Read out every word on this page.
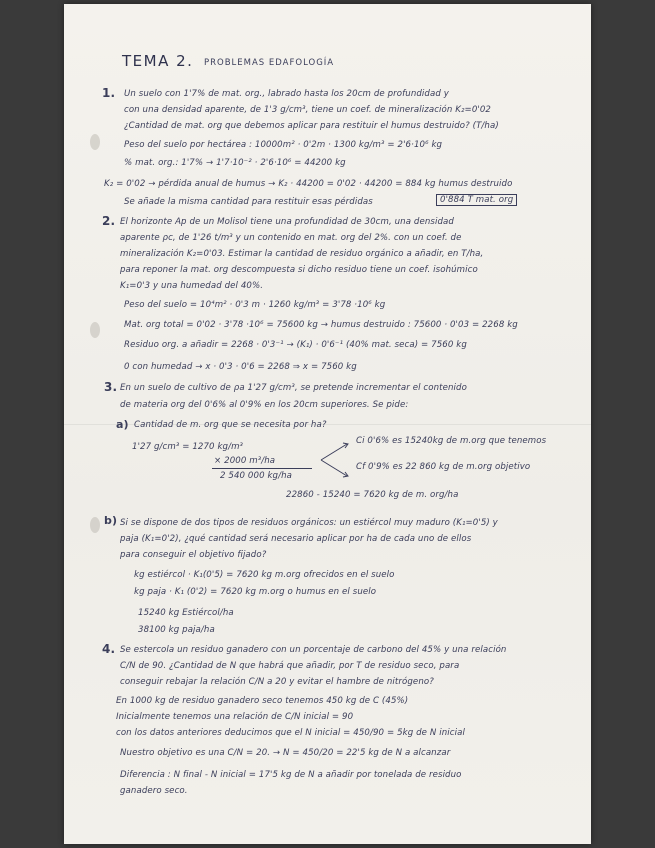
TEMA 2. PROBLEMAS EDAFOLOGÍA
1. Un suelo con 1'7% de mat. org., labrado hasta los 20cm de profundidad y
con una densidad aparente, de 1'3 g/cm³, tiene un coef. de mineralización K₂=0'02
¿Cantidad de mat. org que debemos aplicar para restituir el humus destruido? (T/ha)
Peso del suelo por hectárea : 10000m² · 0'2m · 1300 kg/m³ = 2'6·10⁶ kg
% mat. org.: 1'7% → 1'7·10⁻² · 2'6·10⁶ = 44200 kg
K₂ = 0'02 → pérdida anual de humus → K₂ · 44200 = 0'02 · 44200 = 884 kg humus destruido
Se añade la misma cantidad para restituir esas pérdidas	0'884 T mat. org
2. El horizonte Ap de un Molisol tiene una profundidad de 30cm, una densidad
aparente ρc, de 1'26 t/m³ y un contenido en mat. org del 2%. con un coef. de
mineralización K₂=0'03. Estimar la cantidad de residuo orgánico a añadir, en T/ha,
para reponer la mat. org descompuesta si dicho residuo tiene un coef. isohúmico
K₁=0'3 y una humedad del 40%.
Peso del suelo = 10⁴m² · 0'3 m · 1260 kg/m³ = 3'78 ·10⁶ kg
Mat. org total = 0'02 · 3'78 ·10⁶ = 75600 kg → humus destruido : 75600 · 0'03 = 2268 kg
Residuo org. a añadir = 2268 · 0'3⁻¹ → (K₁) · 0'6⁻¹ (40% mat. seca) = 7560 kg
0 con humedad → x · 0'3 · 0'6 = 2268 ⇒ x = 7560 kg
3. En un suelo de cultivo de ρa 1'27 g/cm³, se pretende incrementar el contenido
de materia org del 0'6% al 0'9% en los 20cm superiores. Se pide:
a) Cantidad de m. org que se necesita por ha?
1'27 g/cm³ = 1270 kg/m³
× 2000 m³/ha
2 540 000 kg/ha
Ci 0'6% es 15240kg de m.org que tenemos
Cf 0'9% es 22 860 kg de m.org objetivo
22860 - 15240 = 7620 kg de m. org/ha
b) Si se dispone de dos tipos de residuos orgánicos: un estiércol muy maduro (K₁=0'5) y
paja (K₁=0'2), ¿qué cantidad será necesario aplicar por ha de cada uno de ellos
para conseguir el objetivo fijado?
kg estiércol · K₁(0'5) = 7620 kg m.org ofrecidos en el suelo
kg paja · K₁ (0'2) = 7620 kg m.org o humus en el suelo
15240 kg Estiércol/ha
38100 kg paja/ha
4. Se estercola un residuo ganadero con un porcentaje de carbono del 45% y una relación
C/N de 90. ¿Cantidad de N que habrá que añadir, por T de residuo seco, para
conseguir rebajar la relación C/N a 20 y evitar el hambre de nitrógeno?
En 1000 kg de residuo ganadero seco tenemos 450 kg de C (45%)
Inicialmente tenemos una relación de C/N inicial = 90
con los datos anteriores deducimos que el N inicial = 450/90 = 5kg de N inicial
Nuestro objetivo es una C/N = 20. → N = 450/20 = 22'5 kg de N a alcanzar
Diferencia : N final - N inicial = 17'5 kg de N a añadir por tonelada de residuo
ganadero seco.
